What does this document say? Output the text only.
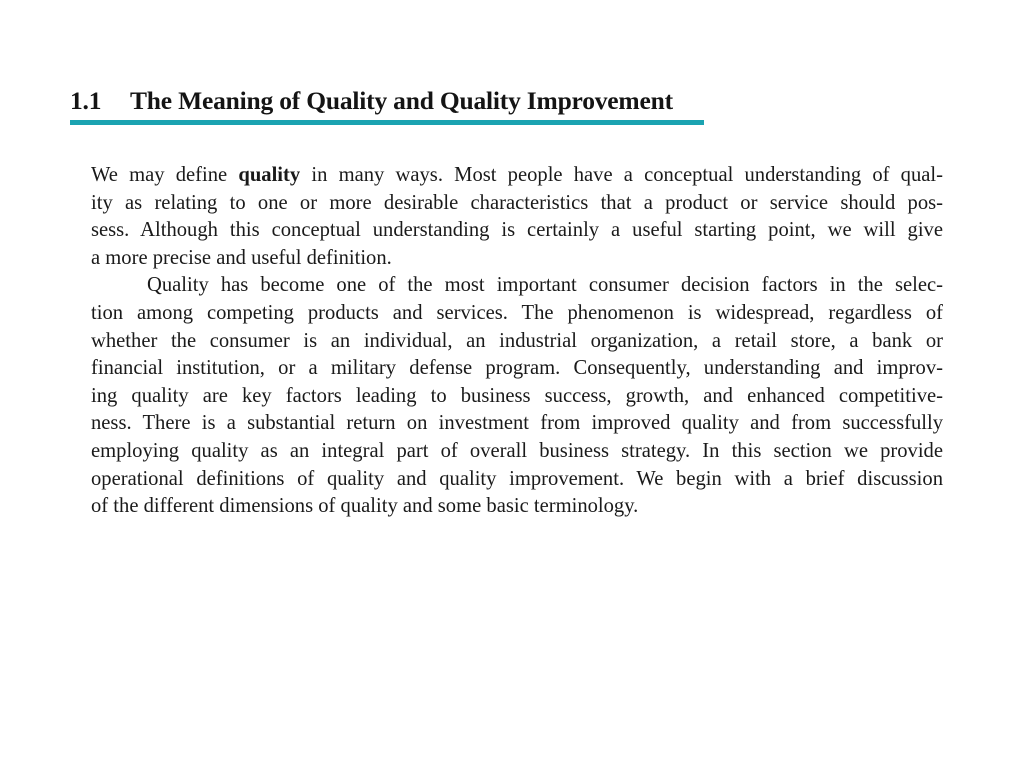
1.1 The Meaning of Quality and Quality Improvement
We may define quality in many ways. Most people have a conceptual understanding of qual-
ity as relating to one or more desirable characteristics that a product or service should pos-
sess. Although this conceptual understanding is certainly a useful starting point, we will give
a more precise and useful definition.
Quality has become one of the most important consumer decision factors in the selec-
tion among competing products and services. The phenomenon is widespread, regardless of
whether the consumer is an individual, an industrial organization, a retail store, a bank or
financial institution, or a military defense program. Consequently, understanding and improv-
ing quality are key factors leading to business success, growth, and enhanced competitive-
ness. There is a substantial return on investment from improved quality and from successfully
employing quality as an integral part of overall business strategy. In this section we provide
operational definitions of quality and quality improvement. We begin with a brief discussion
of the different dimensions of quality and some basic terminology.
